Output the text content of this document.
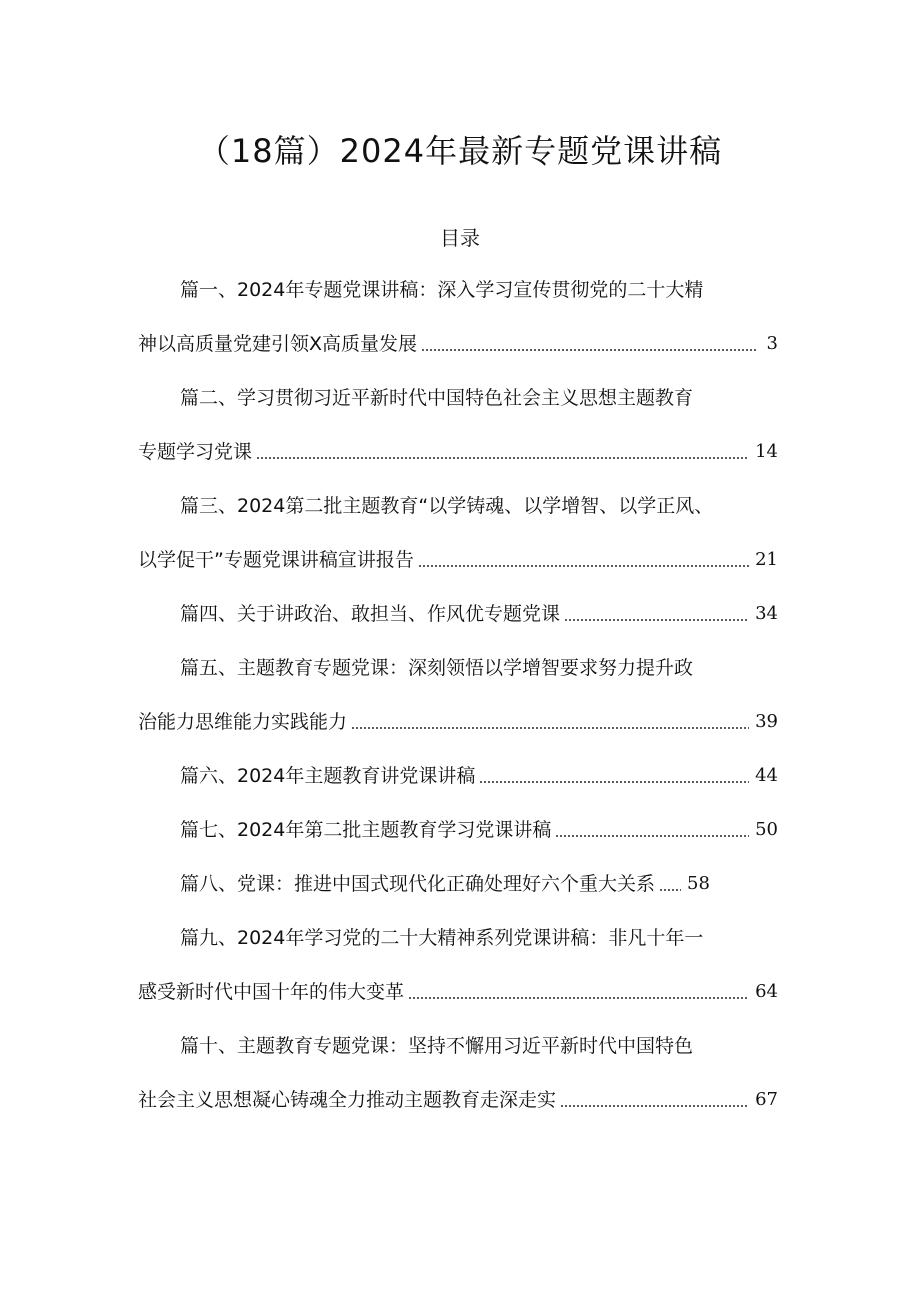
（18篇）2024年最新专题党课讲稿
目录
篇一、2024年专题党课讲稿：深入学习宣传贯彻党的二十大精
神以高质量党建引领X高质量发展	3
篇二、学习贯彻习近平新时代中国特色社会主义思想主题教育
专题学习党课	14
篇三、2024第二批主题教育“以学铸魂、以学增智、以学正风、
以学促干”专题党课讲稿宣讲报告	21
篇四、关于讲政治、敢担当、作风优专题党课	34
篇五、主题教育专题党课：深刻领悟以学增智要求努力提升政
治能力思维能力实践能力	39
篇六、2024年主题教育讲党课讲稿	44
篇七、2024年第二批主题教育学习党课讲稿	50
篇八、党课：推进中国式现代化正确处理好六个重大关系 58
篇九、2024年学习党的二十大精神系列党课讲稿：非凡十年一
感受新时代中国十年的伟大变革	64
篇十、主题教育专题党课：坚持不懈用习近平新时代中国特色
社会主义思想凝心铸魂全力推动主题教育走深走实	67
